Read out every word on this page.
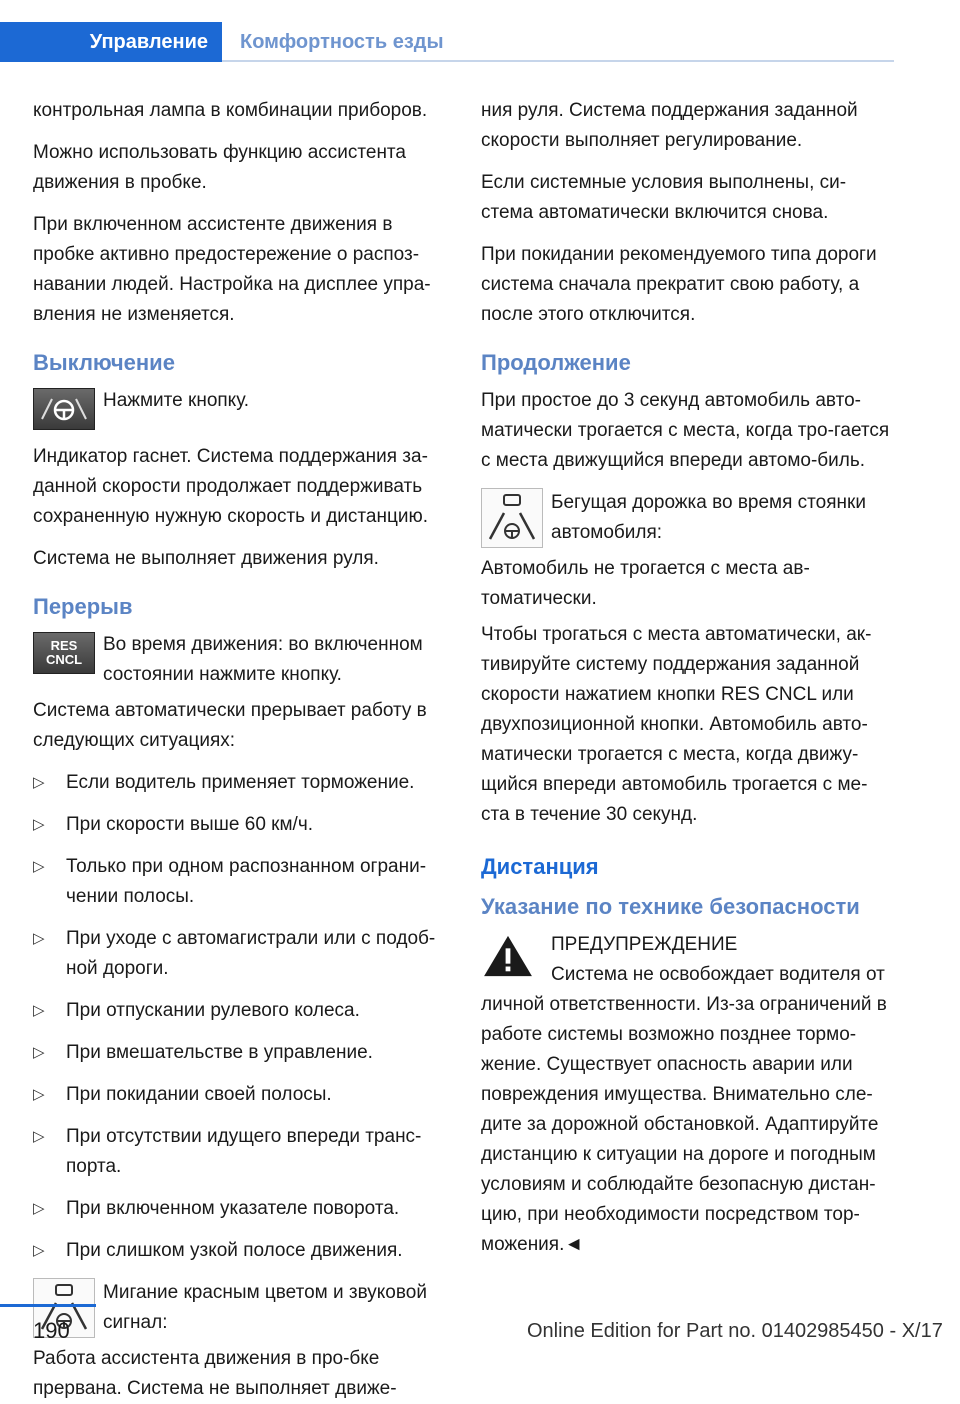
Управление Комфортность езды

контрольная лампа в комбинации приборов.

Можно использовать функцию ассистента движения в пробке.

При включенном ассистенте движения в пробке активно предостережение о распоз-навании людей. Настройка на дисплее упра-вления не изменяется.

Выключение
Нажмите кнопку.

Индикатор гаснет. Система поддержания за-данной скорости продолжает поддерживать сохраненную нужную скорость и дистанцию.

Система не выполняет движения руля.

Перерыв
RES
CNCL
Во время движения: во включенном состоянии нажмите кнопку.

Система автоматически прерывает работу в следующих ситуациях:

▷ Если водитель применяет торможение.
▷ При скорости выше 60 км/ч.
▷ Только при одном распознанном ограни-чении полосы.
▷ При уходе с автомагистрали или с подоб-ной дороги.
▷ При отпускании рулевого колеса.
▷ При вмешательстве в управление.
▷ При покидании своей полосы.
▷ При отсутствии идущего впереди транс-порта.
▷ При включенном указателе поворота.
▷ При слишком узкой полосе движения.
Мигание красным цветом и звуковой сигнал:
Работа ассистента движения в про-бке прервана. Система не выполняет движе-

ния руля. Система поддержания заданной скорости выполняет регулирование.

Если системные условия выполнены, си-стема автоматически включится снова.

При покидании рекомендуемого типа дороги система сначала прекратит свою работу, а после этого отключится.

Продолжение

При простое до 3 секунд автомобиль авто-матически трогается с места, когда тро-гается с места движущийся впереди автомо-биль.

Бегущая дорожка во время стоянки автомобиля:
Автомобиль не трогается с места ав-томатически.

Чтобы трогаться с места автоматически, ак-тивируйте систему поддержания заданной скорости нажатием кнопки RES CNCL или двухпозиционной кнопки. Автомобиль авто-матически трогается с места, когда движу-щийся впереди автомобиль трогается с ме-ста в течение 30 секунд.

Дистанция
Указание по технике безопасности
ПРЕДУПРЕЖДЕНИЕ
Система не освобождает водителя от личной ответственности. Из-за ограничений в работе системы возможно позднее тормо-жение. Существует опасность аварии или повреждения имущества. Внимательно сле-дите за дорожной обстановкой. Адаптируйте дистанцию к ситуации на дороге и погодным условиям и соблюдайте безопасную дистан-цию, при необходимости посредством тор-можения.◄
190	Online Edition for Part no. 01402985450 - X/17
